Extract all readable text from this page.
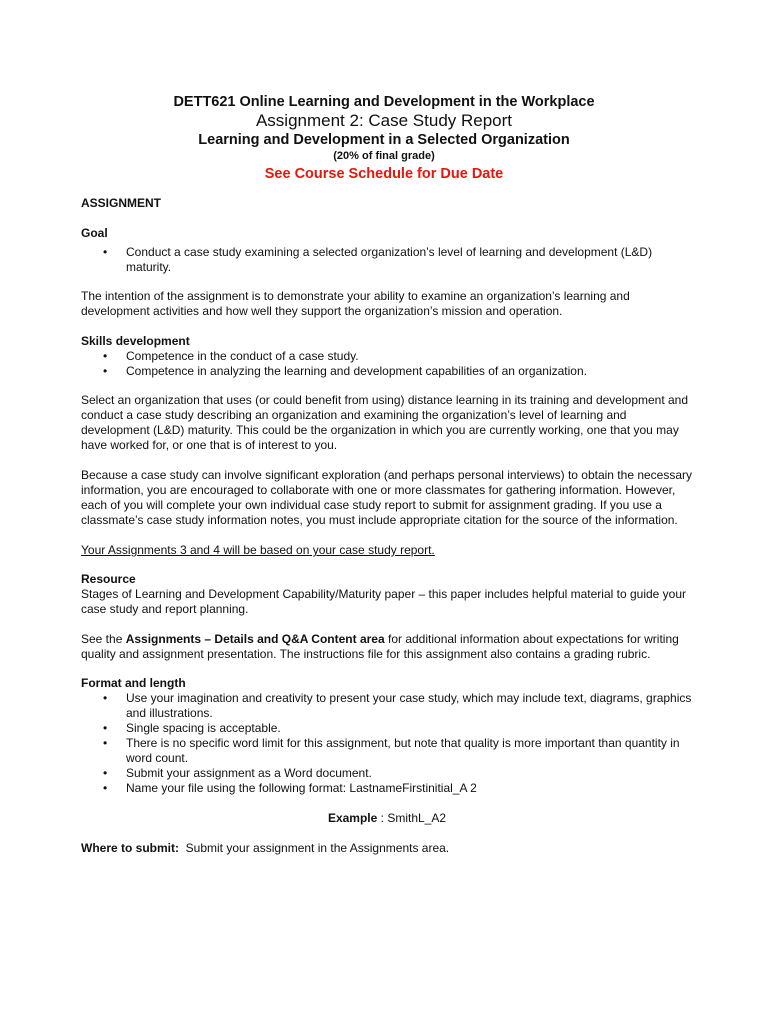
DETT621 Online Learning and Development in the Workplace
Assignment 2: Case Study Report
Learning and Development in a Selected Organization
(20% of final grade)
See Course Schedule for Due Date

ASSIGNMENT

Goal

• Conduct a case study examining a selected organization’s level of learning and development (L&D) maturity.

The intention of the assignment is to demonstrate your ability to examine an organization’s learning and development activities and how well they support the organization’s mission and operation.

Skills development

• Competence in the conduct of a case study.
• Competence in analyzing the learning and development capabilities of an organization.

Select an organization that uses (or could benefit from using) distance learning in its training and development and conduct a case study describing an organization and examining the organization’s level of learning and development (L&D) maturity. This could be the organization in which you are currently working, one that you may have worked for, or one that is of interest to you.

Because a case study can involve significant exploration (and perhaps personal interviews) to obtain the necessary information, you are encouraged to collaborate with one or more classmates for gathering information. However, each of you will complete your own individual case study report to submit for assignment grading. If you use a classmate’s case study information notes, you must include appropriate citation for the source of the information.

Your Assignments 3 and 4 will be based on your case study report.

Resource

Stages of Learning and Development Capability/Maturity paper – this paper includes helpful material to guide your case study and report planning.

See the Assignments – Details and Q&A Content area for additional information about expectations for writing quality and assignment presentation. The instructions file for this assignment also contains a grading rubric.

Format and length

• Use your imagination and creativity to present your case study, which may include text, diagrams, graphics and illustrations.
• Single spacing is acceptable.
• There is no specific word limit for this assignment, but note that quality is more important than quantity in word count.
• Submit your assignment as a Word document.
• Name your file using the following format: LastnameFirstinitial_A 2

Example : SmithL_A2

Where to submit:  Submit your assignment in the Assignments area.
